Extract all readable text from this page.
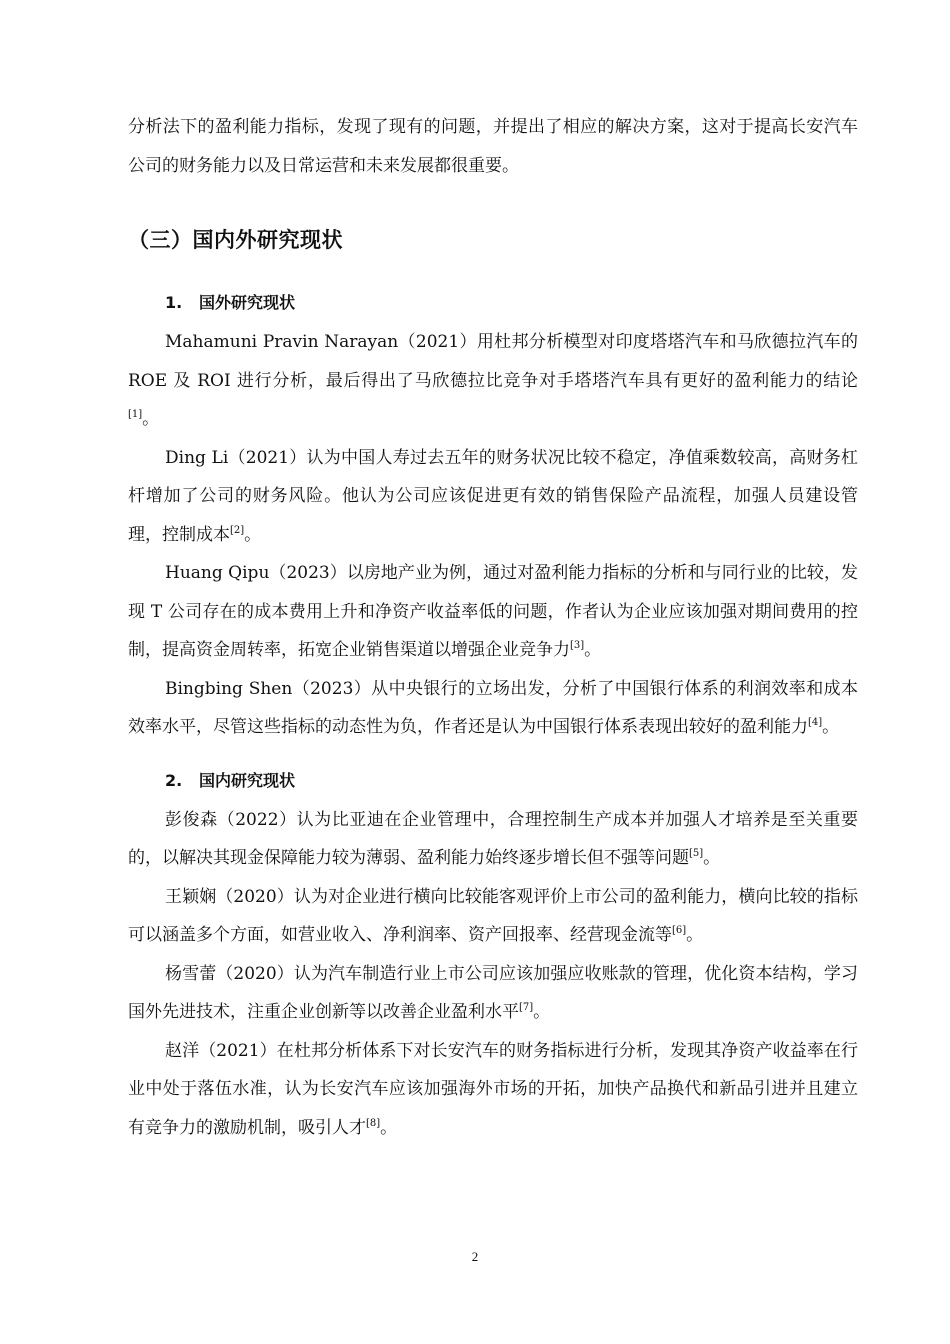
分析法下的盈利能力指标，发现了现有的问题，并提出了相应的解决方案，这对于提高长安汽车公司的财务能力以及日常运营和未来发展都很重要。

（三）国内外研究现状
1. 国外研究现状

Mahamuni Pravin Narayan（2021）用杜邦分析模型对印度塔塔汽车和马欣德拉汽车的 ROE 及 ROI 进行分析，最后得出了马欣德拉比竞争对手塔塔汽车具有更好的盈利能力的结论[1]。

Ding Li（2021）认为中国人寿过去五年的财务状况比较不稳定，净值乘数较高，高财务杠杆增加了公司的财务风险。他认为公司应该促进更有效的销售保险产品流程，加强人员建设管理，控制成本[2]。

Huang Qipu（2023）以房地产业为例，通过对盈利能力指标的分析和与同行业的比较，发现 T 公司存在的成本费用上升和净资产收益率低的问题，作者认为企业应该加强对期间费用的控制，提高资金周转率，拓宽企业销售渠道以增强企业竞争力[3]。

Bingbing Shen（2023）从中央银行的立场出发，分析了中国银行体系的利润效率和成本效率水平，尽管这些指标的动态性为负，作者还是认为中国银行体系表现出较好的盈利能力[4]。

2. 国内研究现状

彭俊森（2022）认为比亚迪在企业管理中，合理控制生产成本并加强人才培养是至关重要的，以解决其现金保障能力较为薄弱、盈利能力始终逐步增长但不强等问题[5]。

王颖娴（2020）认为对企业进行横向比较能客观评价上市公司的盈利能力，横向比较的指标可以涵盖多个方面，如营业收入、净利润率、资产回报率、经营现金流等[6]。

杨雪蕾（2020）认为汽车制造行业上市公司应该加强应收账款的管理，优化资本结构，学习国外先进技术，注重企业创新等以改善企业盈利水平[7]。

赵洋（2021）在杜邦分析体系下对长安汽车的财务指标进行分析，发现其净资产收益率在行业中处于落伍水准，认为长安汽车应该加强海外市场的开拓，加快产品换代和新品引进并且建立有竞争力的激励机制，吸引人才[8]。

2
